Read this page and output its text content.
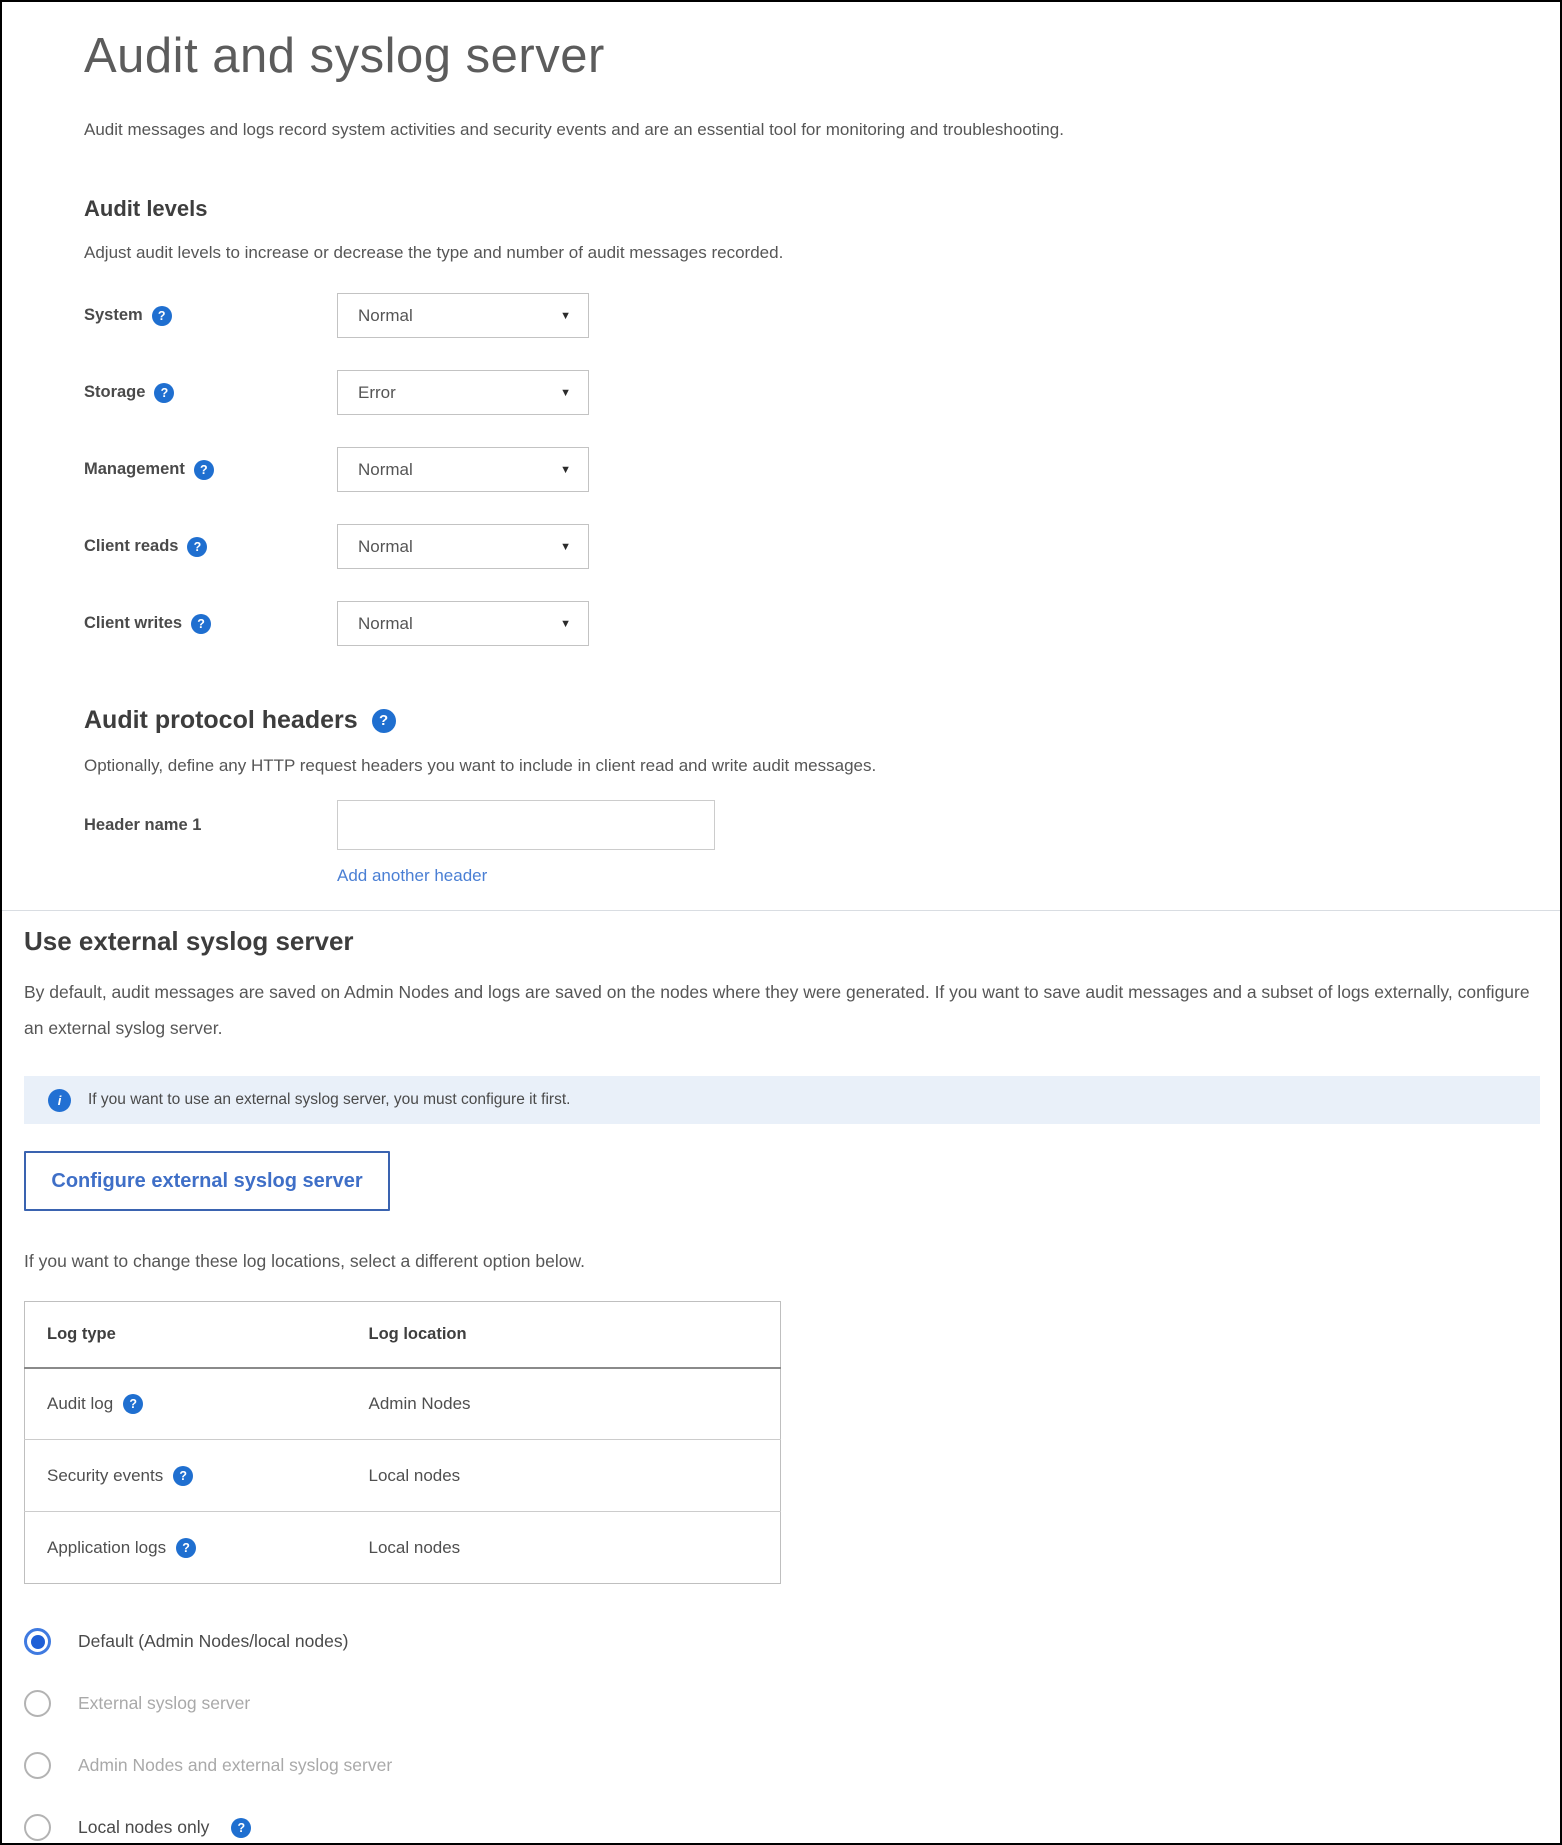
Audit and syslog server

Audit messages and logs record system activities and security events and are an essential tool for monitoring and troubleshooting.

Audit levels

Adjust audit levels to increase or decrease the type and number of audit messages recorded.

System	?	Normal	▼
Storage	?	Error	▼
Management	?	Normal	▼
Client reads	?	Normal	▼
Client writes	?	Normal	▼
Audit protocol headers	?

Optionally, define any HTTP request headers you want to include in client read and write audit messages.

Header name 1
Add another header
Use external syslog server

By default, audit messages are saved on Admin Nodes and logs are saved on the nodes where they were generated. If you want to save audit messages and a subset of logs externally, configure an external syslog server.

i	If you want to use an external syslog server, you must configure it first.
Configure external syslog server

If you want to change these log locations, select a different option below.

Log type	Log location

Audit log ?	Admin Nodes

Security events ?	Local nodes

Application logs ?	Local nodes
Default (Admin Nodes/local nodes)
External syslog server
Admin Nodes and external syslog server
Local nodes only	?
